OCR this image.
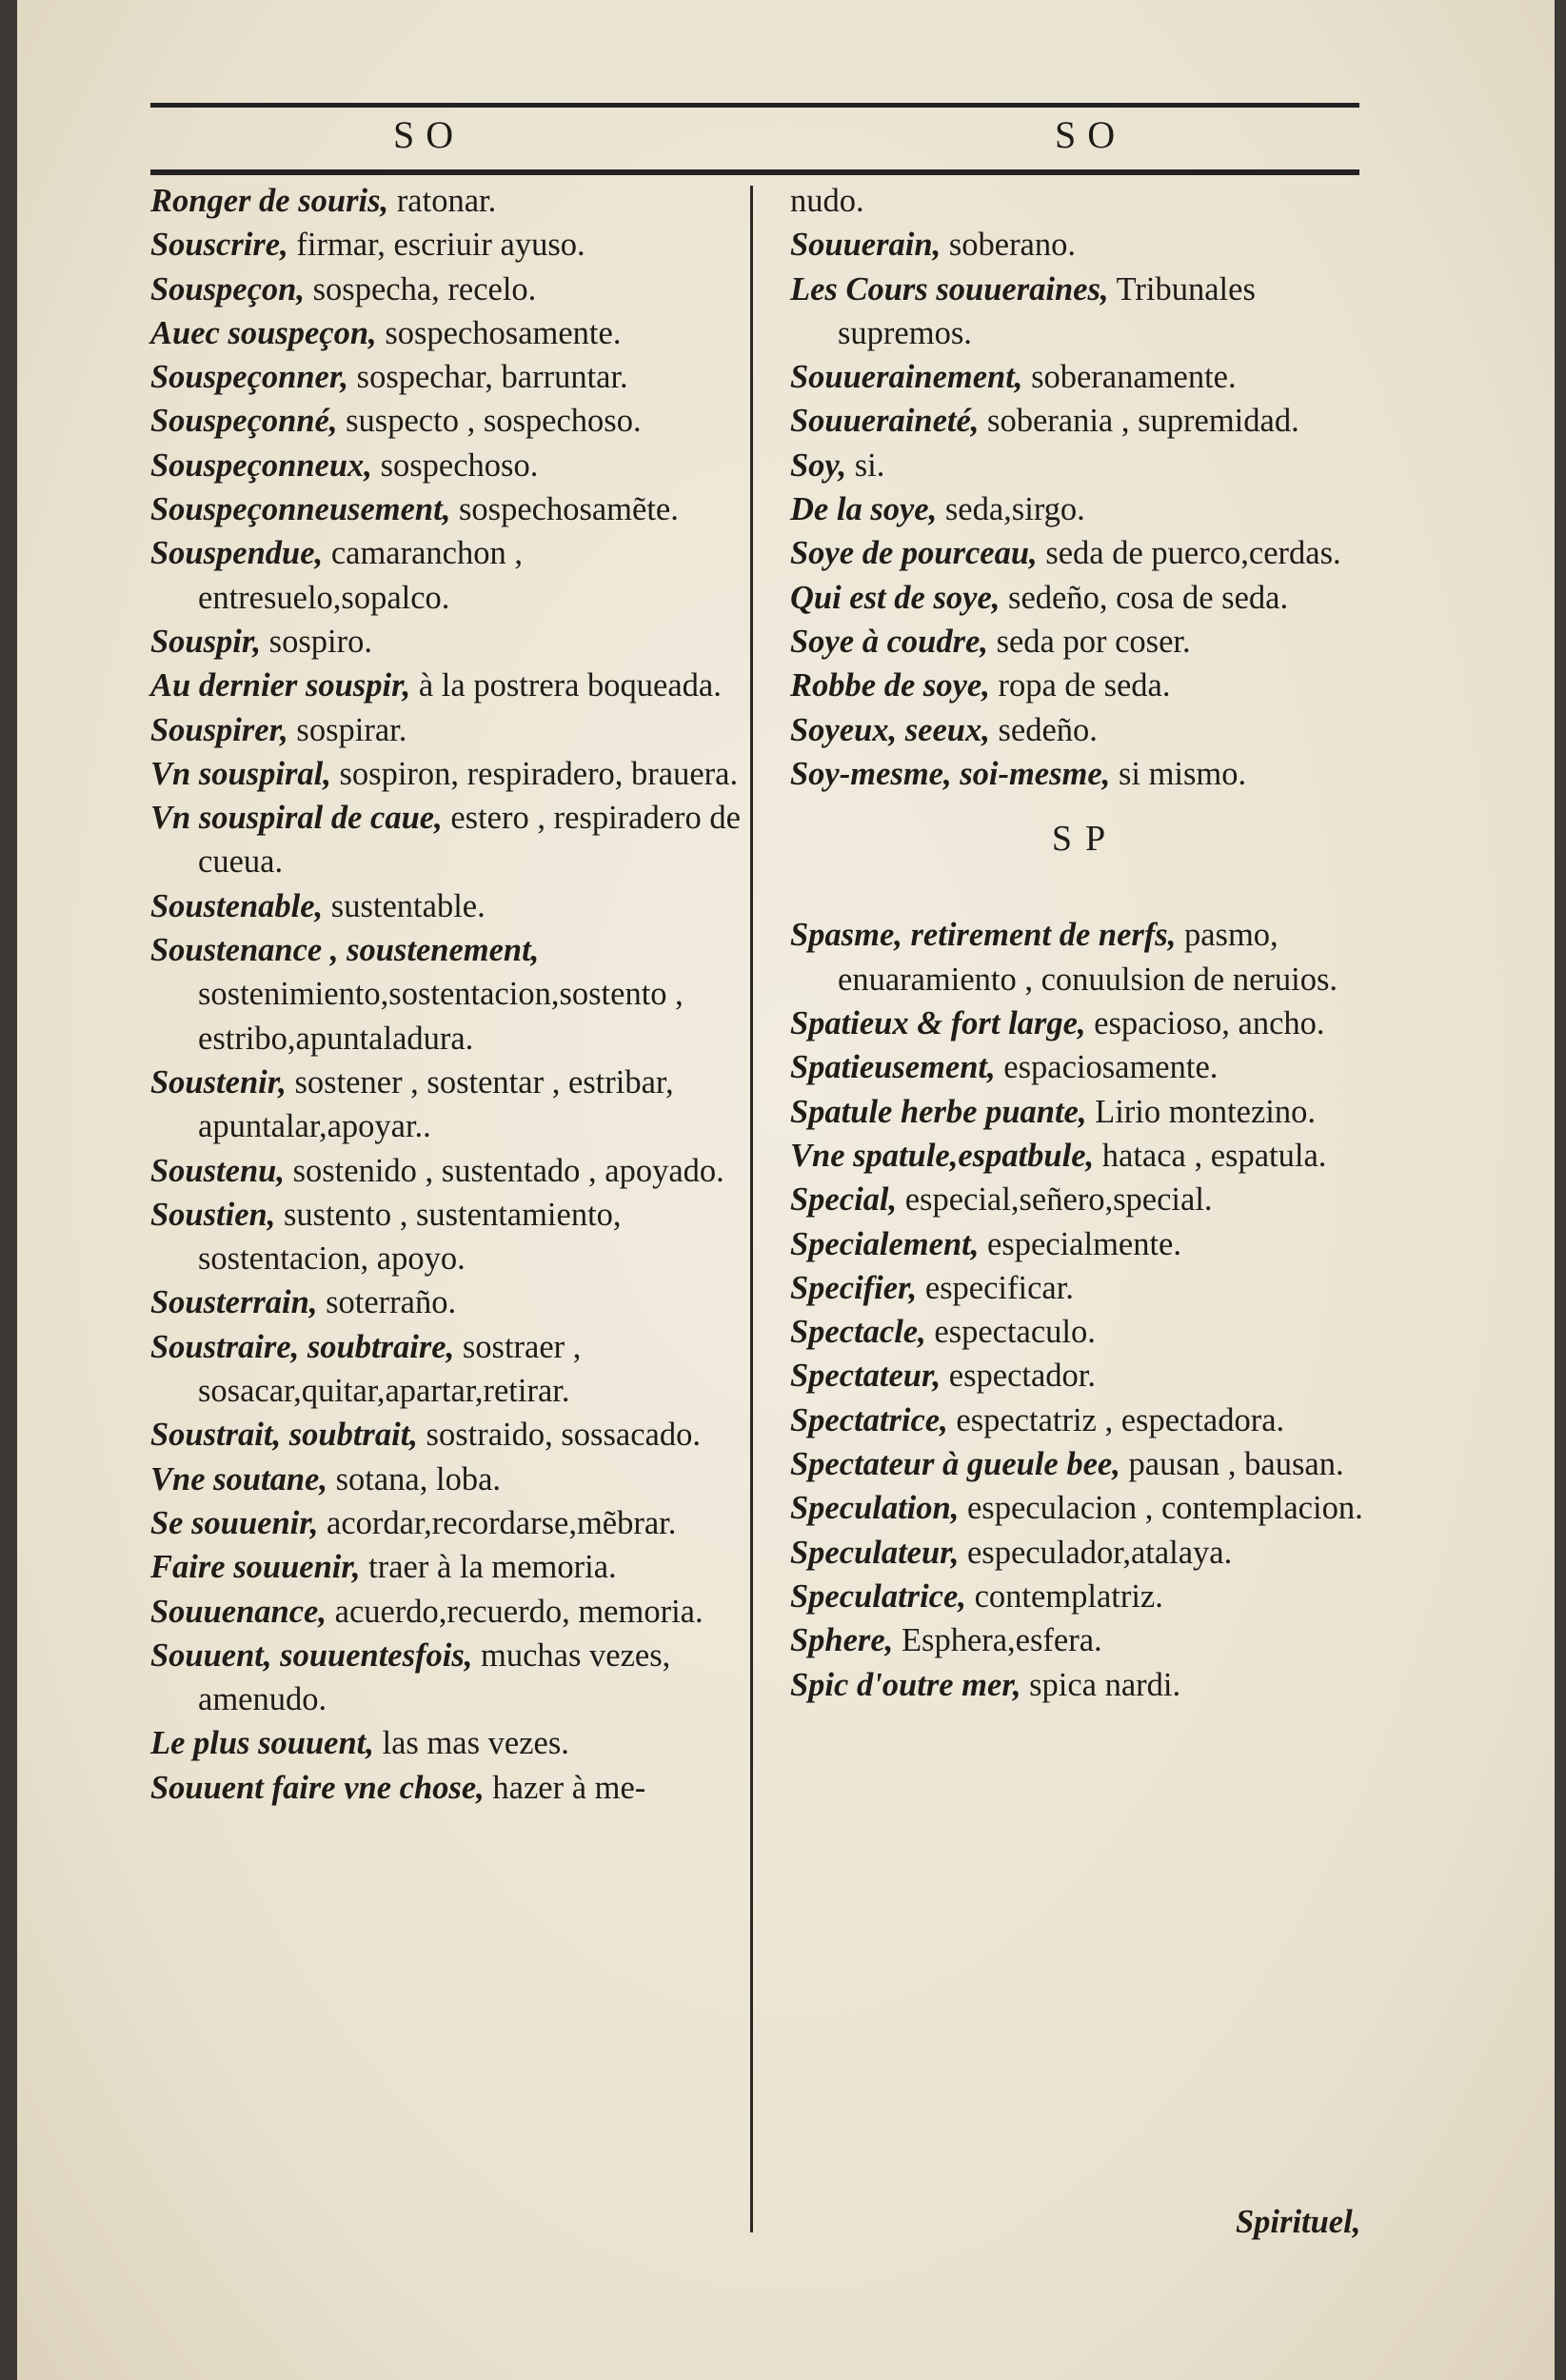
SO	SO
Ronger de souris, ratonar.
Souscrire, firmar, escriuir ayuso.
Souspeçon, sospecha, recelo.
Auec souspeçon, sospechosamente.
Souspeçonner, sospechar, barruntar.
Souspeçonné, suspecto , sospechoso.
Souspeçonneux, sospechoso.
Souspeçonneusement, sospechosamẽte.
Souspendue, camaranchon , entresuelo,sopalco.
Souspir, sospiro.
Au dernier souspir, à la postrera boqueada.
Souspirer, sospirar.
Vn souspiral, sospiron, respiradero, brauera.
Vn souspiral de caue, estero , respiradero de cueua.
Soustenable, sustentable.
Soustenance , soustenement, sostenimiento,sostentacion,sostento , estribo,apuntaladura.
Soustenir, sostener , sostentar , estribar, apuntalar,apoyar..
Soustenu, sostenido , sustentado , apoyado.
Soustien, sustento , sustentamiento, sostentacion, apoyo.
Sousterrain, soterraño.
Soustraire, soubtraire, sostraer , sosacar,quitar,apartar,retirar.
Soustrait, soubtrait, sostraido, sossacado.
Vne soutane, sotana, loba.
Se souuenir, acordar,recordarse,mẽbrar.
Faire souuenir, traer à la memoria.
Souuenance, acuerdo,recuerdo, memoria.
Souuent, souuentesfois, muchas vezes, amenudo.
Le plus souuent, las mas vezes.
Souuent faire vne chose, hazer à me-
nudo.
Souuerain, soberano.
Les Cours souueraines, Tribunales supremos.
Souuerainement, soberanamente.
Souueraineté, soberania , supremidad.
Soy, si.
De la soye, seda,sirgo.
Soye de pourceau, seda de puerco,cerdas.
Qui est de soye, sedeño, cosa de seda.
Soye à coudre, seda por coser.
Robbe de soye, ropa de seda.
Soyeux, seeux, sedeño.
Soy-mesme, soi-mesme, si mismo.
SP
Spasme, retirement de nerfs, pasmo, enuaramiento , conuulsion de neruios.
Spatieux & fort large, espacioso, ancho.
Spatieusement, espaciosamente.
Spatule herbe puante, Lirio montezino.
Vne spatule,espatbule, hataca , espatula.
Special, especial,señero,special.
Specialement, especialmente.
Specifier, especificar.
Spectacle, espectaculo.
Spectateur, espectador.
Spectatrice, espectatriz , espectadora.
Spectateur à gueule bee, pausan , bausan.
Speculation, especulacion , contemplacion.
Speculateur, especulador,atalaya.
Speculatrice, contemplatriz.
Sphere, Esphera,esfera.
Spic d'outre mer, spica nardi.
Spirituel,
